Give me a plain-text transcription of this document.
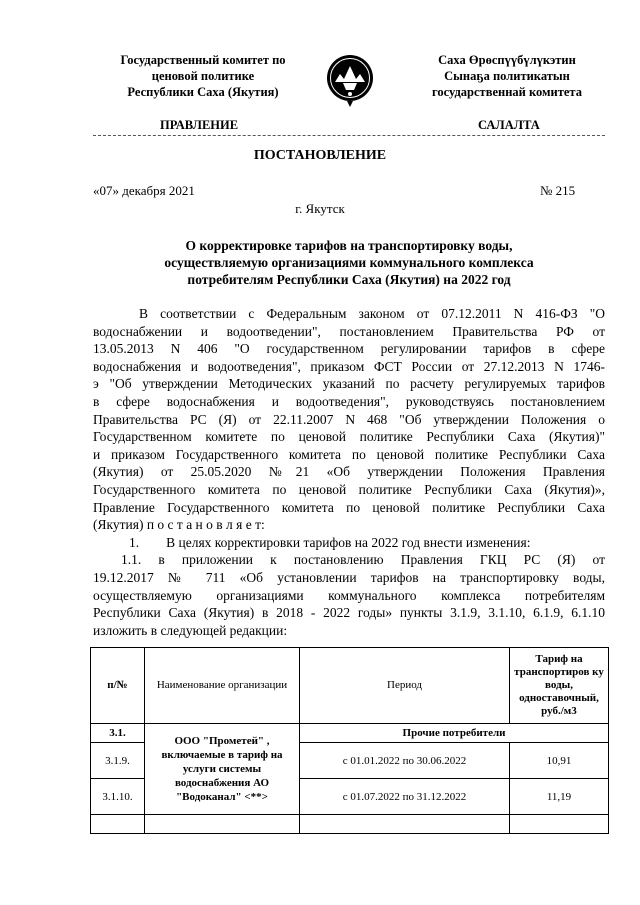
Государственный комитет по
ценовой политике
Республики Саха (Якутия)
Саха Өрөспүүбүлүкэтин
Сынаҕа политикатын
государственнай комитета
ПРАВЛЕНИЕ	САЛАЛТА
ПОСТАНОВЛЕНИЕ
«07» декабря 2021	№ 215
г. Якутск
О корректировке тарифов на транспортировку воды,
осуществляемую организациями коммунального комплекса
потребителям Республики Саха (Якутия) на 2022 год
В соответствии с Федеральным законом от 07.12.2011 N 416-ФЗ "О
водоснабжении и водоотведении", постановлением Правительства РФ от
13.05.2013 N 406 "О государственном регулировании тарифов в сфере
водоснабжения и водоотведения", приказом ФСТ России от 27.12.2013 N 1746-
э "Об утверждении Методических указаний по расчету регулируемых тарифов
в сфере водоснабжения и водоотведения", руководствуясь постановлением
Правительства РС (Я) от 22.11.2007 N 468 "Об утверждении Положения о
Государственном комитете по ценовой политике Республики Саха (Якутия)"
и приказом Государственного комитета по ценовой политике Республики Саха
(Якутия) от 25.05.2020 №21 «Об утверждении Положения Правления
Государственного комитета по ценовой политике Республики Саха (Якутия)»,
Правление Государственного комитета по ценовой политике Республики Саха
(Якутия) п о с т а н о в л я е т:
1.        В целях корректировки тарифов на 2022 год внести изменения:
1.1. в приложении к постановлению Правления ГКЦ РС (Я) от
19.12.2017 № 711 «Об установлении тарифов на транспортировку воды,
осуществляемую организациями коммунального комплекса потребителям
Республики Саха (Якутия) в 2018 - 2022 годы» пункты 3.1.9, 3.1.10, 6.1.9, 6.1.10
изложить в следующей редакции:
п/№	Наименование организации	Период	Тариф на транспортиров ку воды, одноставочный, руб./м3
3.1.	ООО "Прометей" , включаемые в тариф на услуги системы водоснабжения АО "Водоканал" <**>	Прочие потребители	
3.1.9.		с 01.01.2022 по 30.06.2022	10,91
3.1.10.		с 01.07.2022 по 31.12.2022	11,19
